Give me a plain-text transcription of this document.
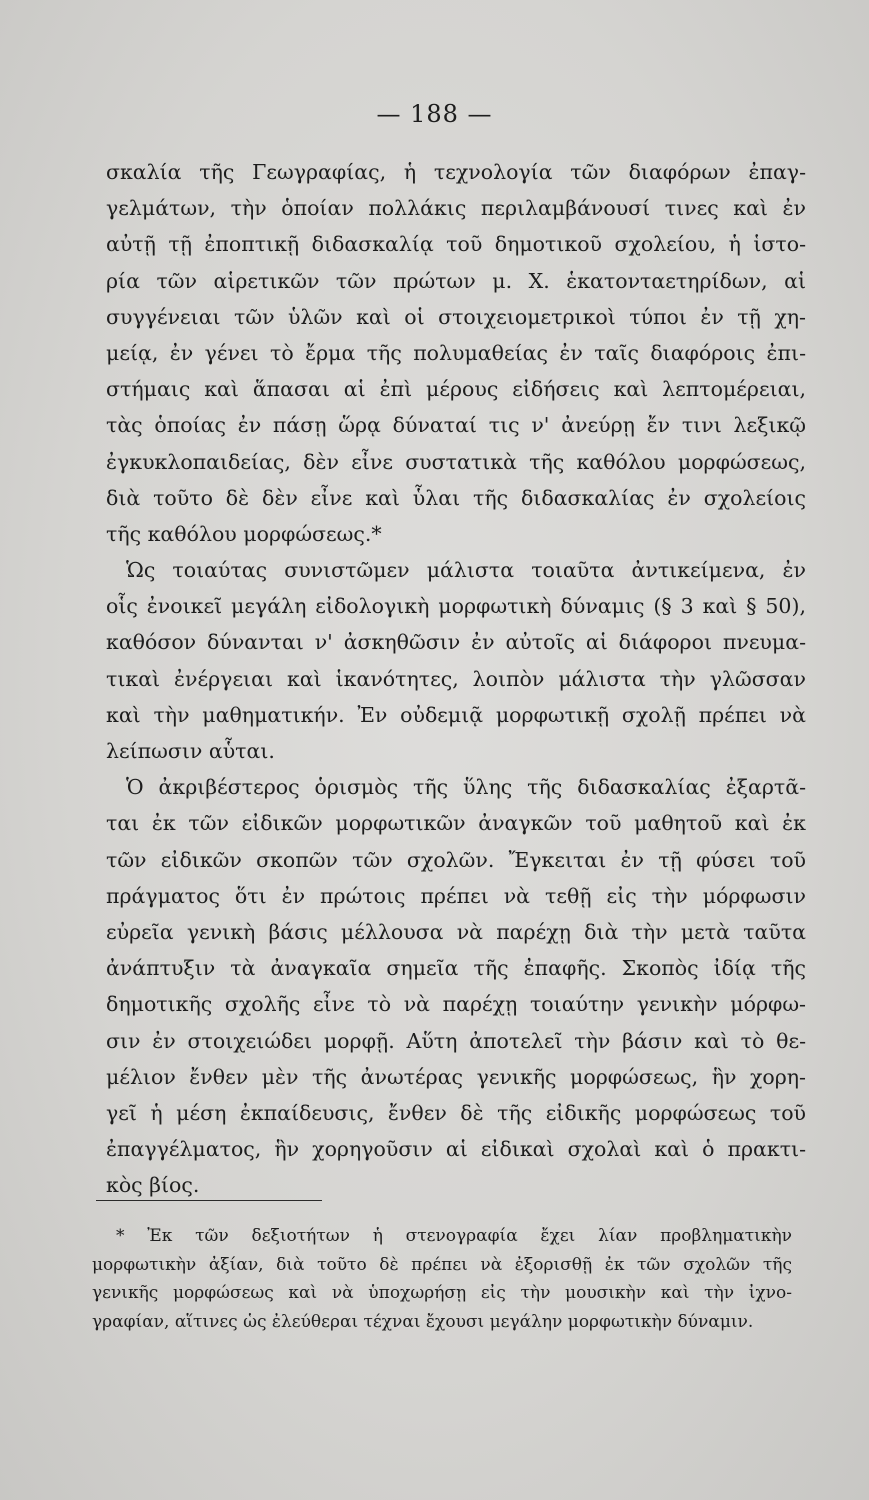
— 188 —
σκαλία τῆς Γεωγραφίας, ἡ τεχνολογία τῶν διαφόρων ἐπαγ-
γελμάτων, τὴν ὁποίαν πολλάκις περιλαμβάνουσί τινες καὶ ἐν
αὐτῇ τῇ ἐποπτικῇ διδασκαλίᾳ τοῦ δημοτικοῦ σχολείου, ἡ ἱστο-
ρία τῶν αἱρετικῶν τῶν πρώτων μ. Χ. ἑκατονταετηρίδων, αἱ
συγγένειαι τῶν ὑλῶν καὶ οἱ στοιχειομετρικοὶ τύποι ἐν τῇ χη-
μείᾳ, ἐν γένει τὸ ἔρμα τῆς πολυμαθείας ἐν ταῖς διαφόροις ἐπι-
στήμαις καὶ ἅπασαι αἱ ἐπὶ μέρους εἰδήσεις καὶ λεπτομέρειαι,
τὰς ὁποίας ἐν πάσῃ ὥρᾳ δύναταί τις ν' ἀνεύρῃ ἔν τινι λεξικῷ
ἐγκυκλοπαιδείας, δὲν εἶνε συστατικὰ τῆς καθόλου μορφώσεως,
διὰ τοῦτο δὲ δὲν εἶνε καὶ ὗλαι τῆς διδασκαλίας ἐν σχολείοις
τῆς καθόλου μορφώσεως.*
Ὡς τοιαύτας συνιστῶμεν μάλιστα τοιαῦτα ἀντικείμενα, ἐν
οἷς ἐνοικεῖ μεγάλη εἰδολογικὴ μορφωτικὴ δύναμις (§ 3 καὶ § 50),
καθόσον δύνανται ν' ἀσκηθῶσιν ἐν αὐτοῖς αἱ διάφοροι πνευμα-
τικαὶ ἐνέργειαι καὶ ἱκανότητες, λοιπὸν μάλιστα τὴν γλῶσσαν
καὶ τὴν μαθηματικήν. Ἐν οὐδεμιᾷ μορφωτικῇ σχολῇ πρέπει νὰ
λείπωσιν αὗται.
Ὁ ἀκριβέστερος ὁρισμὸς τῆς ὕλης τῆς διδασκαλίας ἐξαρτᾶ-
ται ἐκ τῶν εἰδικῶν μορφωτικῶν ἀναγκῶν τοῦ μαθητοῦ καὶ ἐκ
τῶν εἰδικῶν σκοπῶν τῶν σχολῶν. Ἔγκειται ἐν τῇ φύσει τοῦ
πράγματος ὅτι ἐν πρώτοις πρέπει νὰ τεθῇ εἰς τὴν μόρφωσιν
εὐρεῖα γενικὴ βάσις μέλλουσα νὰ παρέχῃ διὰ τὴν μετὰ ταῦτα
ἀνάπτυξιν τὰ ἀναγκαῖα σημεῖα τῆς ἐπαφῆς. Σκοπὸς ἰδίᾳ τῆς
δημοτικῆς σχολῆς εἶνε τὸ νὰ παρέχῃ τοιαύτην γενικὴν μόρφω-
σιν ἐν στοιχειώδει μορφῇ. Αὕτη ἀποτελεῖ τὴν βάσιν καὶ τὸ θε-
μέλιον ἔνθεν μὲν τῆς ἀνωτέρας γενικῆς μορφώσεως, ἣν χορη-
γεῖ ἡ μέση ἐκπαίδευσις, ἔνθεν δὲ τῆς εἰδικῆς μορφώσεως τοῦ
ἐπαγγέλματος, ἣν χορηγοῦσιν αἱ εἰδικαὶ σχολαὶ καὶ ὁ πρακτι-
κὸς βίος.
* Ἐκ τῶν δεξιοτήτων ἡ στενογραφία ἔχει λίαν προβληματικὴν
μορφωτικὴν ἀξίαν, διὰ τοῦτο δὲ πρέπει νὰ ἐξορισθῇ ἐκ τῶν σχολῶν τῆς
γενικῆς μορφώσεως καὶ νὰ ὑποχωρήσῃ εἰς τὴν μουσικὴν καὶ τὴν ἰχνο-
γραφίαν, αἵτινες ὡς ἐλεύθεραι τέχναι ἔχουσι μεγάλην μορφωτικὴν δύναμιν.
